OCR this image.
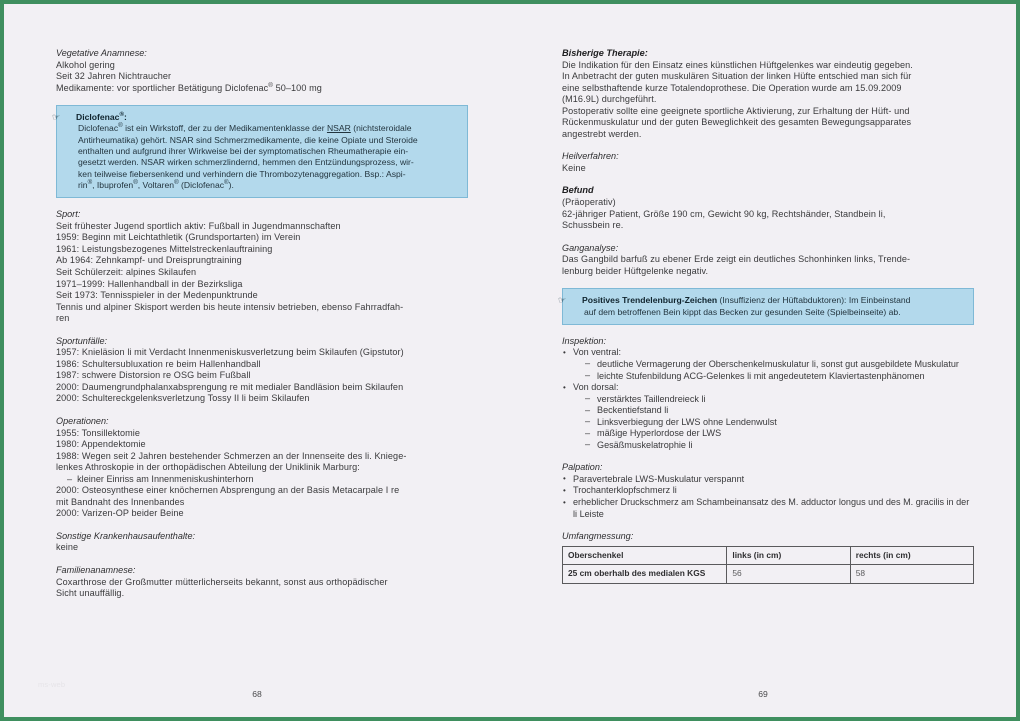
Vegetative Anamnese:
Alkohol gering
Seit 32 Jahren Nichtraucher
Medikamente: vor sportlicher Betätigung Diclofenac® 50–100 mg
☞ Diclofenac®:
Diclofenac® ist ein Wirkstoff, der zu der Medikamentenklasse der NSAR (nichtsteroidale
Antirheumatika) gehört. NSAR sind Schmerzmedikamente, die keine Opiate und Steroide
enthalten und aufgrund ihrer Wirkweise bei der symptomatischen Rheumatherapie ein-
gesetzt werden. NSAR wirken schmerzlindernd, hemmen den Entzündungsprozess, wir-
ken teilweise fiebersenkend und verhindern die Thrombozytenaggregation. Bsp.: Aspi-
rin®, Ibuprofen®, Voltaren® (Diclofenac®).
Sport:
Seit frühester Jugend sportlich aktiv: Fußball in Jugendmannschaften
1959: Beginn mit Leichtathletik (Grundsportarten) im Verein
1961: Leistungsbezogenes Mittelstreckenlauftraining
Ab 1964: Zehnkampf- und Dreisprungtraining
Seit Schülerzeit: alpines Skilaufen
1971–1999: Hallenhandball in der Bezirksliga
Seit 1973: Tennisspieler in der Medenpunktrunde
Tennis und alpiner Skisport werden bis heute intensiv betrieben, ebenso Fahrradfah-
ren
Sportunfälle:
1957: Knieläsion li mit Verdacht Innenmeniskusverletzung beim Skilaufen (Gipstutor)
1986: Schultersubluxation re beim Hallenhandball
1987: schwere Distorsion re OSG beim Fußball
2000: Daumengrundphalanxabsprengung re mit medialer Bandläsion beim Skilaufen
2000: Schultereckgelenksverletzung Tossy II li beim Skilaufen
Operationen:
1955: Tonsillektomie
1980: Appendektomie
1988: Wegen seit 2 Jahren bestehender Schmerzen an der Innenseite des li. Kniege-
lenkes Athroskopie in der orthopädischen Abteilung der Uniklinik Marburg:
–  kleiner Einriss am Innenmeniskushinterhorn
2000: Osteosynthese einer knöchernen Absprengung an der Basis Metacarpale I re
mit Bandnaht des Innenbandes
2000: Varizen-OP beider Beine
Sonstige Krankenhausaufenthalte:
keine
Familienanamnese:
Coxarthrose der Großmutter mütterlicherseits bekannt, sonst aus orthopädischer
Sicht unauffällig.
ms-web
68
Bisherige Therapie:
Die Indikation für den Einsatz eines künstlichen Hüftgelenkes war eindeutig gegeben.
In Anbetracht der guten muskulären Situation der linken Hüfte entschied man sich für
eine selbsthaftende kurze Totalendoprothese. Die Operation wurde am 15.09.2009
(M16.9L) durchgeführt.
Postoperativ sollte eine geeignete sportliche Aktivierung, zur Erhaltung der Hüft- und
Rückenmuskulatur und der guten Beweglichkeit des gesamten Bewegungsapparates
angestrebt werden.
Heilverfahren:
Keine
Befund
(Präoperativ)
62-jähriger Patient, Größe 190 cm, Gewicht 90 kg, Rechtshänder, Standbein li,
Schussbein re.
Ganganalyse:
Das Gangbild barfuß zu ebener Erde zeigt ein deutliches Schonhinken links, Trende-
lenburg beider Hüftgelenke negativ.
☞ Positives Trendelenburg-Zeichen (Insuffizienz der Hüftabduktoren): Im Einbeinstand
auf dem betroffenen Bein kippt das Becken zur gesunden Seite (Spielbeinseite) ab.
Inspektion:
• Von ventral:
– deutliche Vermagerung der Oberschenkelmuskulatur li, sonst gut ausgebildete Muskulatur
– leichte Stufenbildung ACG-Gelenkes li mit angedeutetem Klaviertastenphänomen
• Von dorsal:
– verstärktes Taillendreieck li
– Beckentiefstand li
– Linksverbiegung der LWS ohne Lendenwulst
– mäßige Hyperlordose der LWS
– Gesäßmuskelatrophie li
Palpation:
• Paravertebrale LWS-Muskulatur verspannt
• Trochanterklopfschmerz li
• erheblicher Druckschmerz am Schambeinansatz des M. adductor longus und des M. gracilis in der li Leiste
Umfangmessung:
Oberschenkel	links (in cm)	rechts (in cm)
25 cm oberhalb des medialen KGS	56	58
69
